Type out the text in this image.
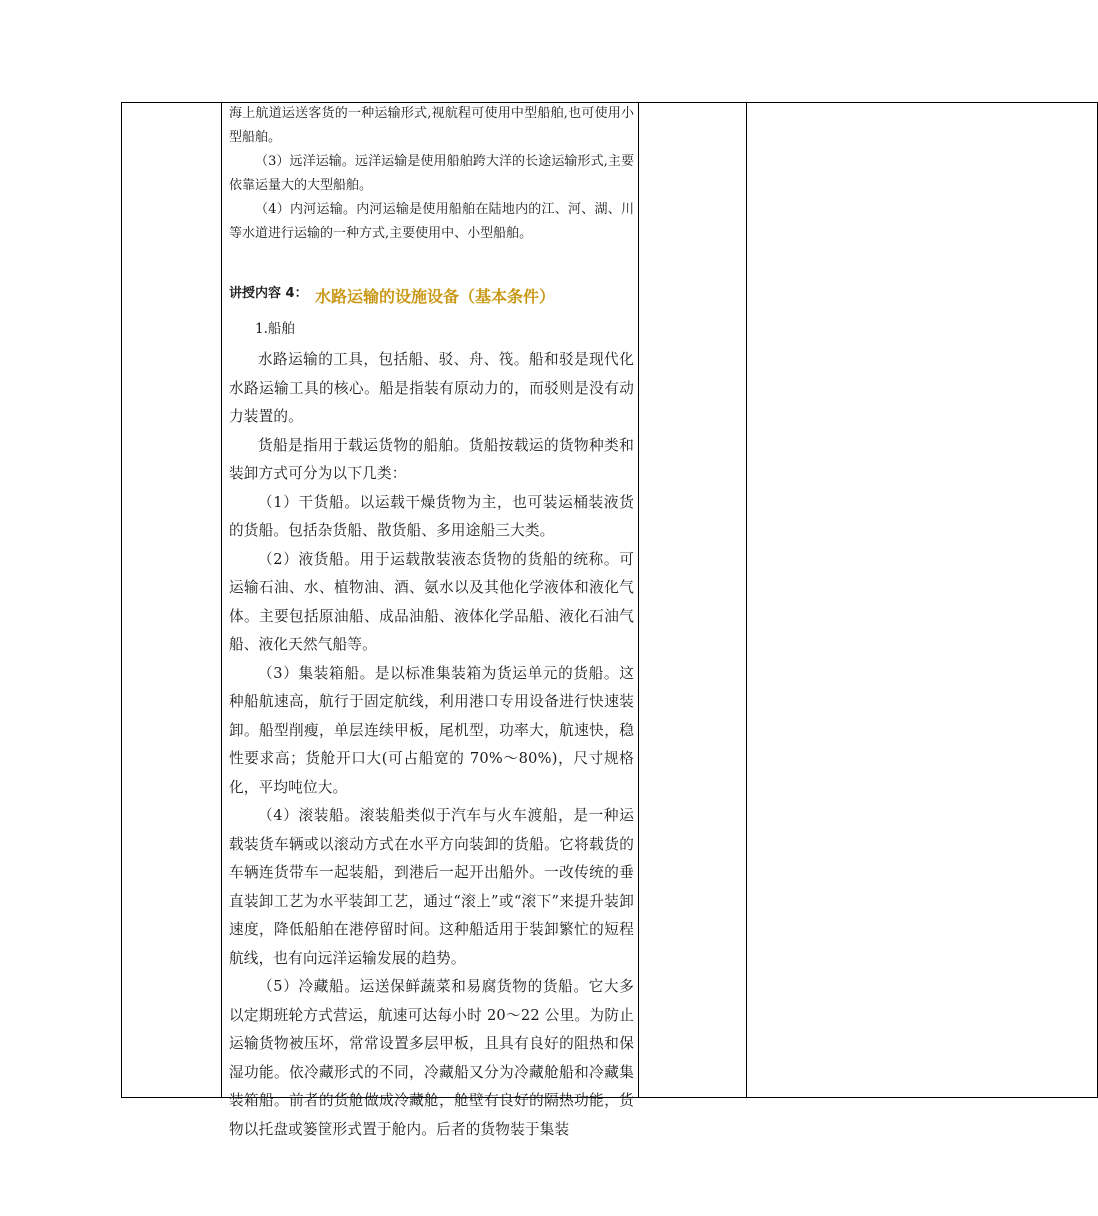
海上航道运送客货的一种运输形式,视航程可使用中型船舶,也可使用小型船舶。

（3）远洋运输。远洋运输是使用船舶跨大洋的长途运输形式,主要依靠运量大的大型船舶。

（4）内河运输。内河运输是使用船舶在陆地内的江、河、湖、川等水道进行运输的一种方式,主要使用中、小型船舶。

讲授内容 4： 水路运输的设施设备（基本条件）

1.船舶

水路运输的工具，包括船、驳、舟、筏。船和驳是现代化水路运输工具的核心。船是指装有原动力的，而驳则是没有动力装置的。

货船是指用于载运货物的船舶。货船按载运的货物种类和装卸方式可分为以下几类：

（1）干货船。以运载干燥货物为主，也可装运桶装液货的货船。包括杂货船、散货船、多用途船三大类。

（2）液货船。用于运载散装液态货物的货船的统称。可运输石油、水、植物油、酒、氨水以及其他化学液体和液化气体。主要包括原油船、成品油船、液体化学品船、液化石油气船、液化天然气船等。

（3）集装箱船。是以标准集装箱为货运单元的货船。这种船航速高，航行于固定航线，利用港口专用设备进行快速装卸。船型削瘦，单层连续甲板，尾机型，功率大，航速快，稳性要求高；货舱开口大(可占船宽的 70%～80%)，尺寸规格化，平均吨位大。

（4）滚装船。滚装船类似于汽车与火车渡船，是一种运载装货车辆或以滚动方式在水平方向装卸的货船。它将载货的车辆连货带车一起装船，到港后一起开出船外。一改传统的垂直装卸工艺为水平装卸工艺，通过“滚上”或“滚下”来提升装卸速度，降低船舶在港停留时间。这种船适用于装卸繁忙的短程航线，也有向远洋运输发展的趋势。

（5）冷藏船。运送保鲜蔬菜和易腐货物的货船。它大多以定期班轮方式营运，航速可达每小时 20～22 公里。为防止运输货物被压坏，常常设置多层甲板，且具有良好的阻热和保湿功能。依冷藏形式的不同，冷藏船又分为冷藏舱船和冷藏集装箱船。前者的货舱做成冷藏舱，舱壁有良好的隔热功能，货物以托盘或篓筐形式置于舱内。后者的货物装于集装
